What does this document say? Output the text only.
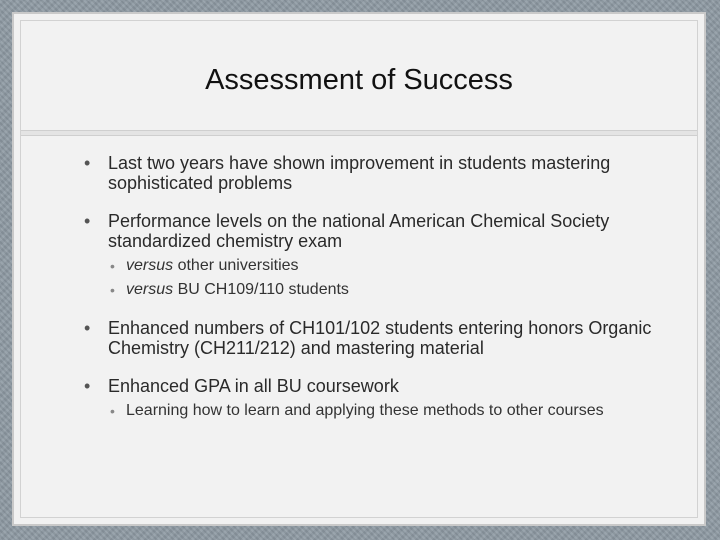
Assessment of Success
• Last two years have shown improvement in students mastering sophisticated problems
• Performance levels on the national American Chemical Society standardized chemistry exam
• versus other universities
• versus BU CH109/110 students
• Enhanced numbers of CH101/102 students entering honors Organic Chemistry (CH211/212) and mastering material
• Enhanced GPA in all BU coursework
• Learning how to learn and applying these methods to other courses
